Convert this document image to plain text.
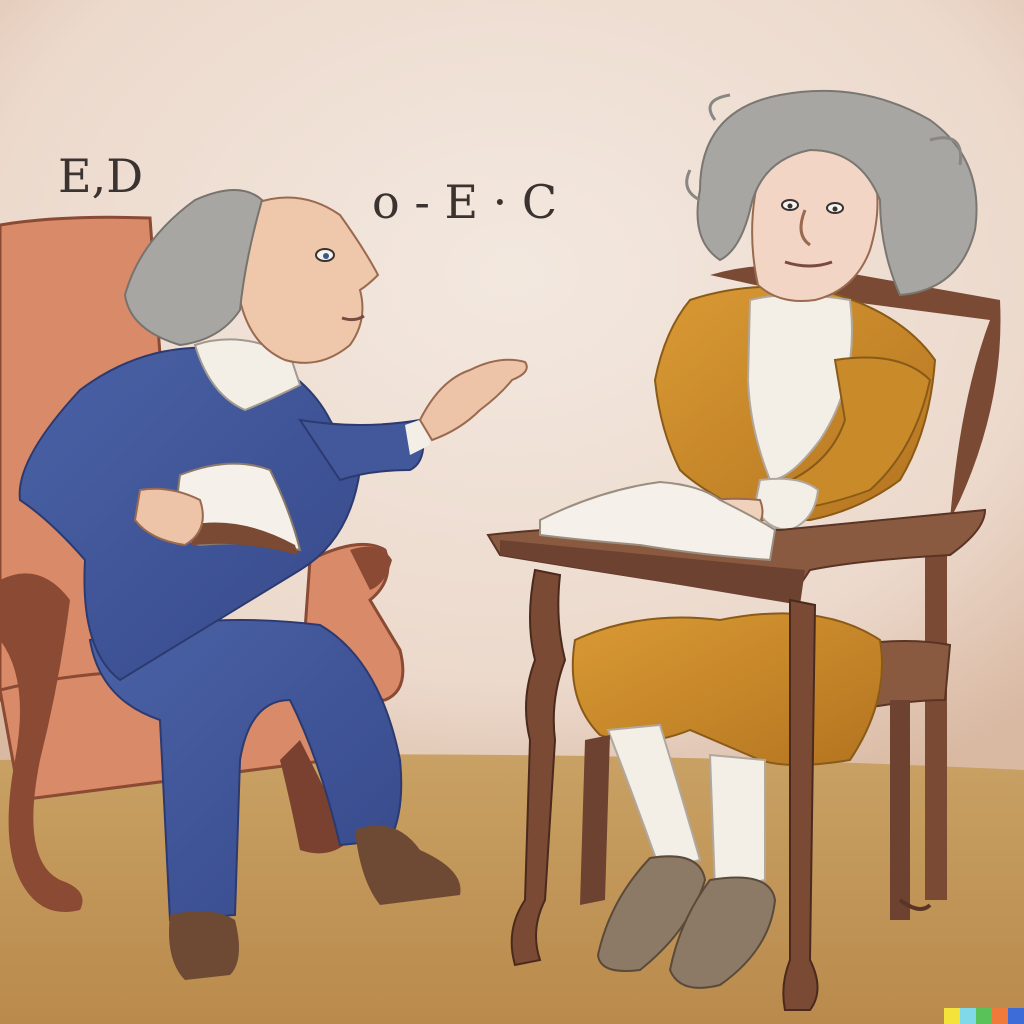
E,D	o - E · C
